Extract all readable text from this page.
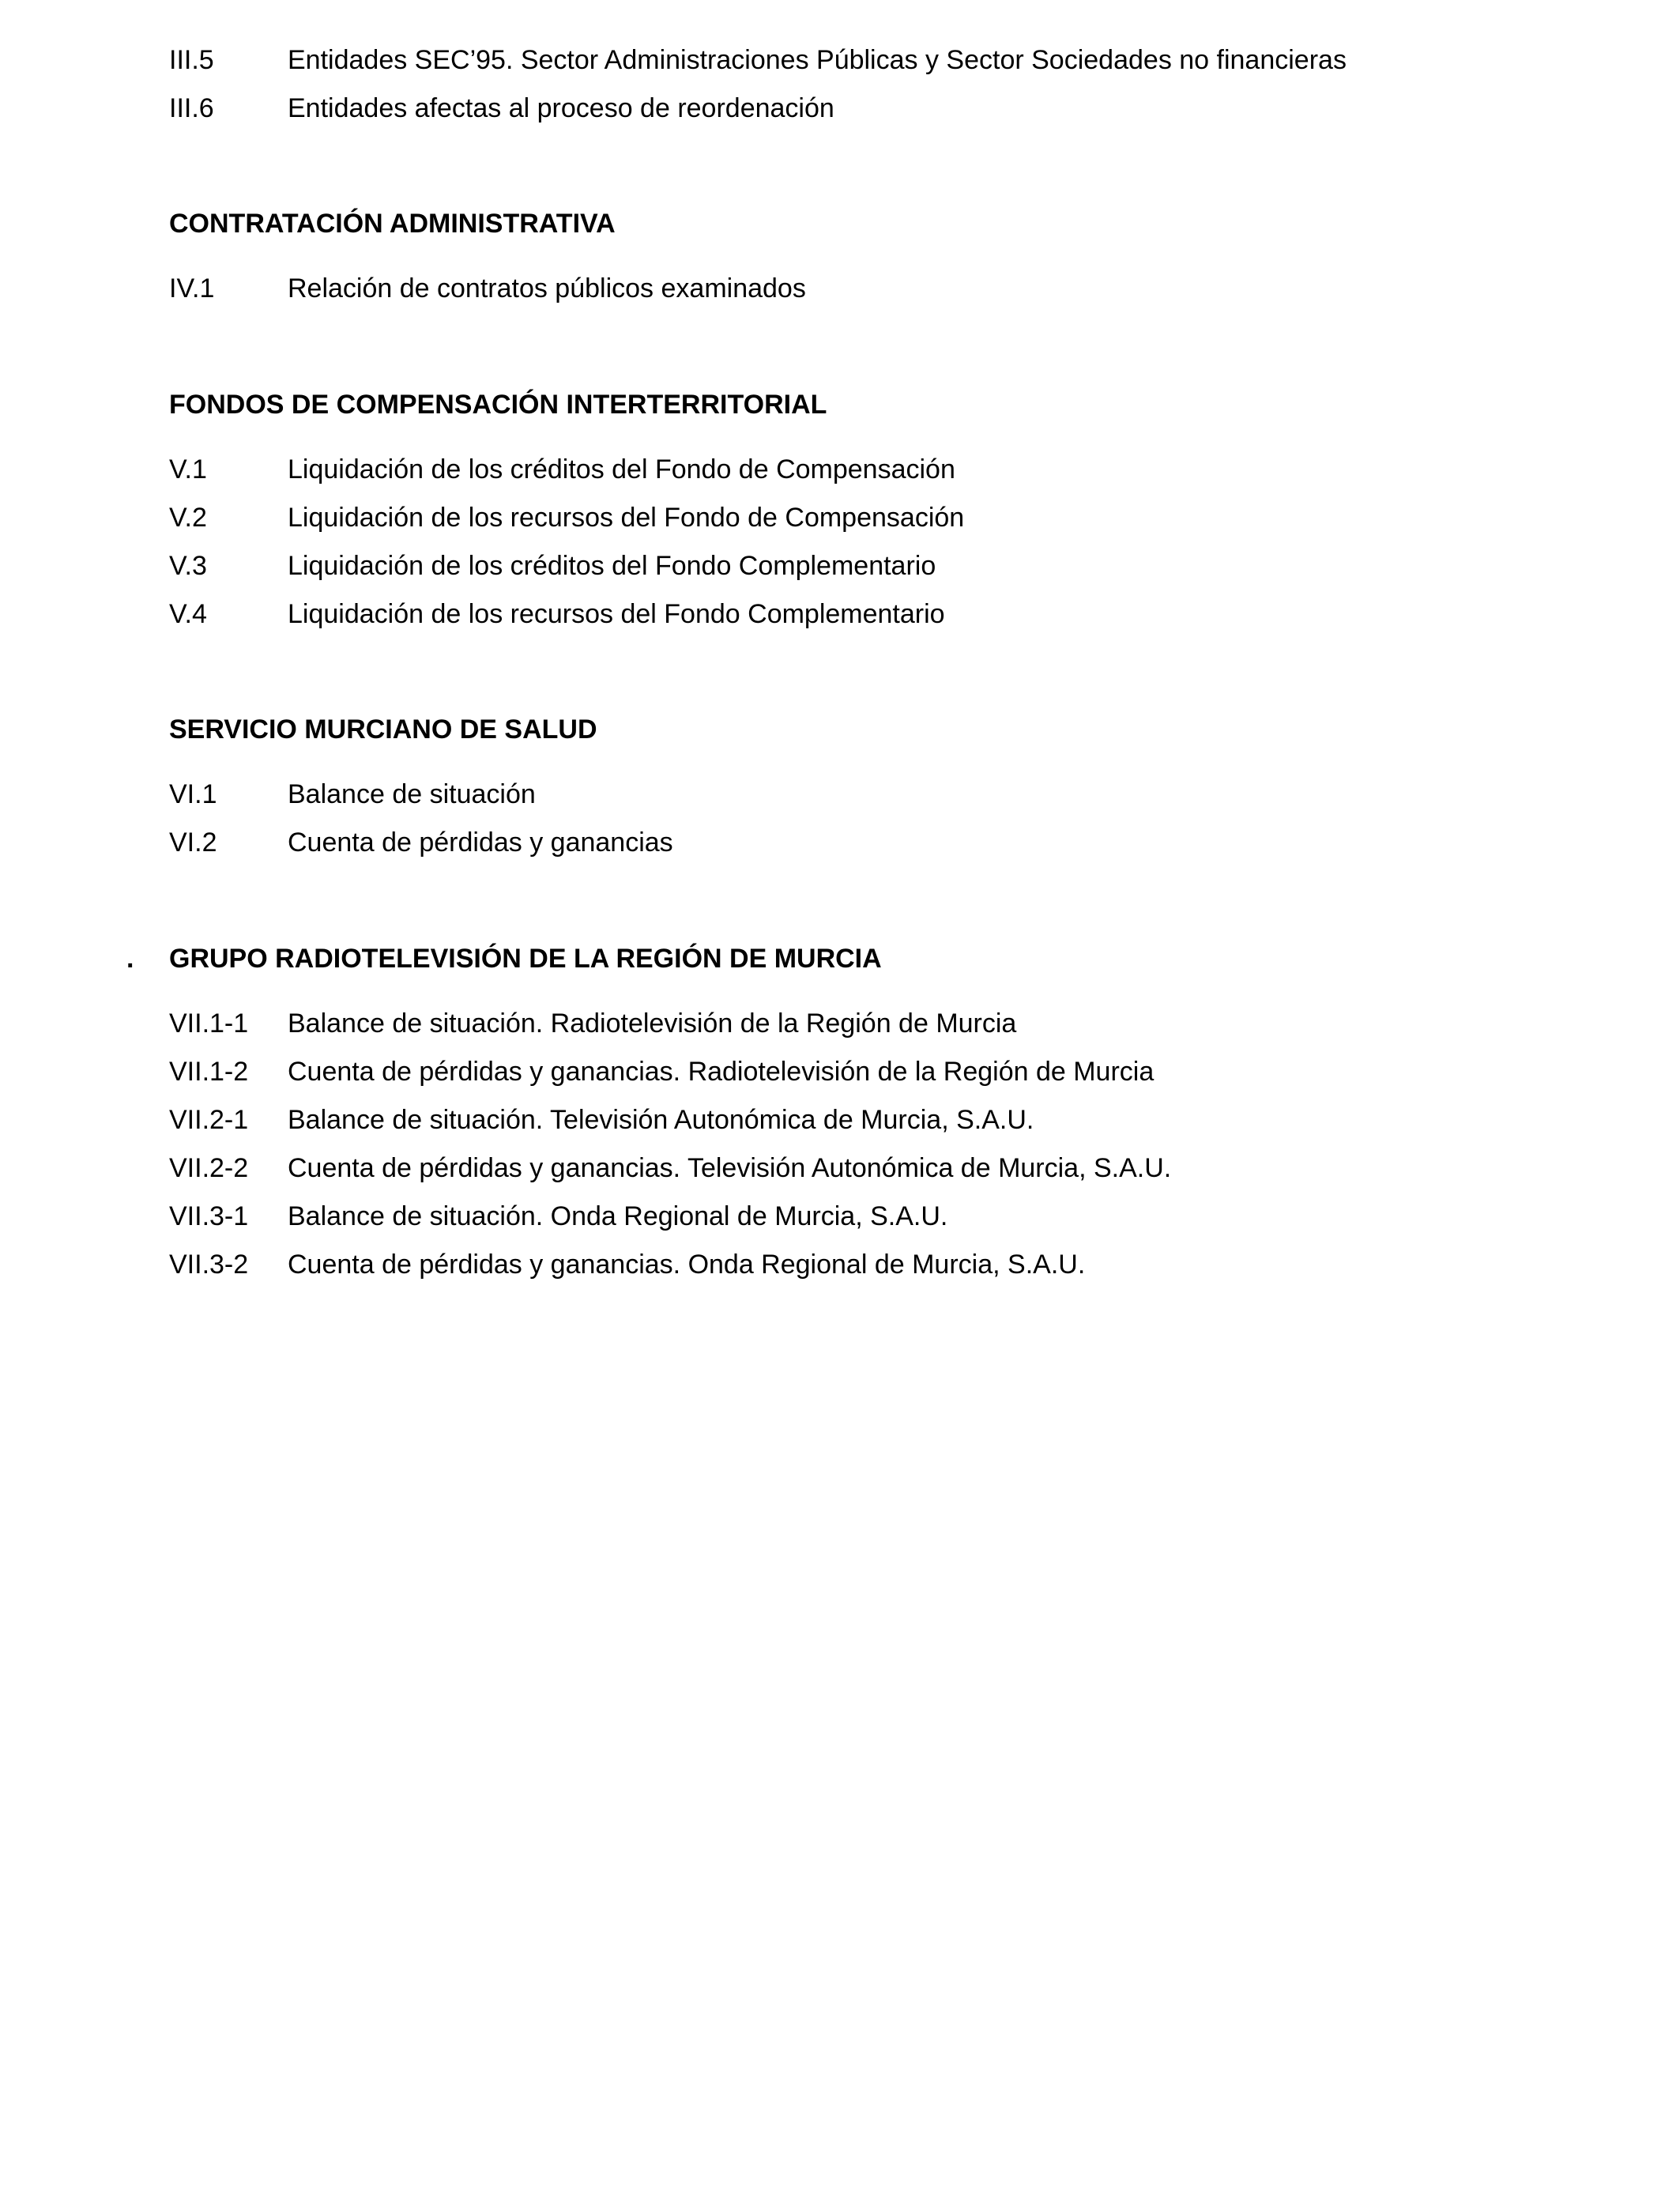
III.5	Entidades SEC’95. Sector Administraciones Públicas y Sector Sociedades no financieras
III.6	Entidades afectas al proceso de reordenación
CONTRATACIÓN ADMINISTRATIVA
IV.1	Relación de contratos públicos examinados
FONDOS DE COMPENSACIÓN INTERTERRITORIAL
V.1	Liquidación de los créditos del Fondo de Compensación
V.2	Liquidación de los recursos del Fondo de Compensación
V.3	Liquidación de los créditos del Fondo Complementario
V.4	Liquidación de los recursos del Fondo Complementario
SERVICIO MURCIANO DE SALUD
VI.1	Balance de situación
VI.2	Cuenta de pérdidas y ganancias
. GRUPO RADIOTELEVISIÓN DE LA REGIÓN DE MURCIA
VII.1-1 Balance de situación. Radiotelevisión de la Región de Murcia
VII.1-2 Cuenta de pérdidas y ganancias. Radiotelevisión de la Región de Murcia
VII.2-1 Balance de situación. Televisión Autonómica de Murcia, S.A.U.
VII.2-2 Cuenta de pérdidas y ganancias. Televisión Autonómica de Murcia, S.A.U.
VII.3-1 Balance de situación. Onda Regional de Murcia, S.A.U.
VII.3-2 Cuenta de pérdidas y ganancias. Onda Regional de Murcia, S.A.U.
